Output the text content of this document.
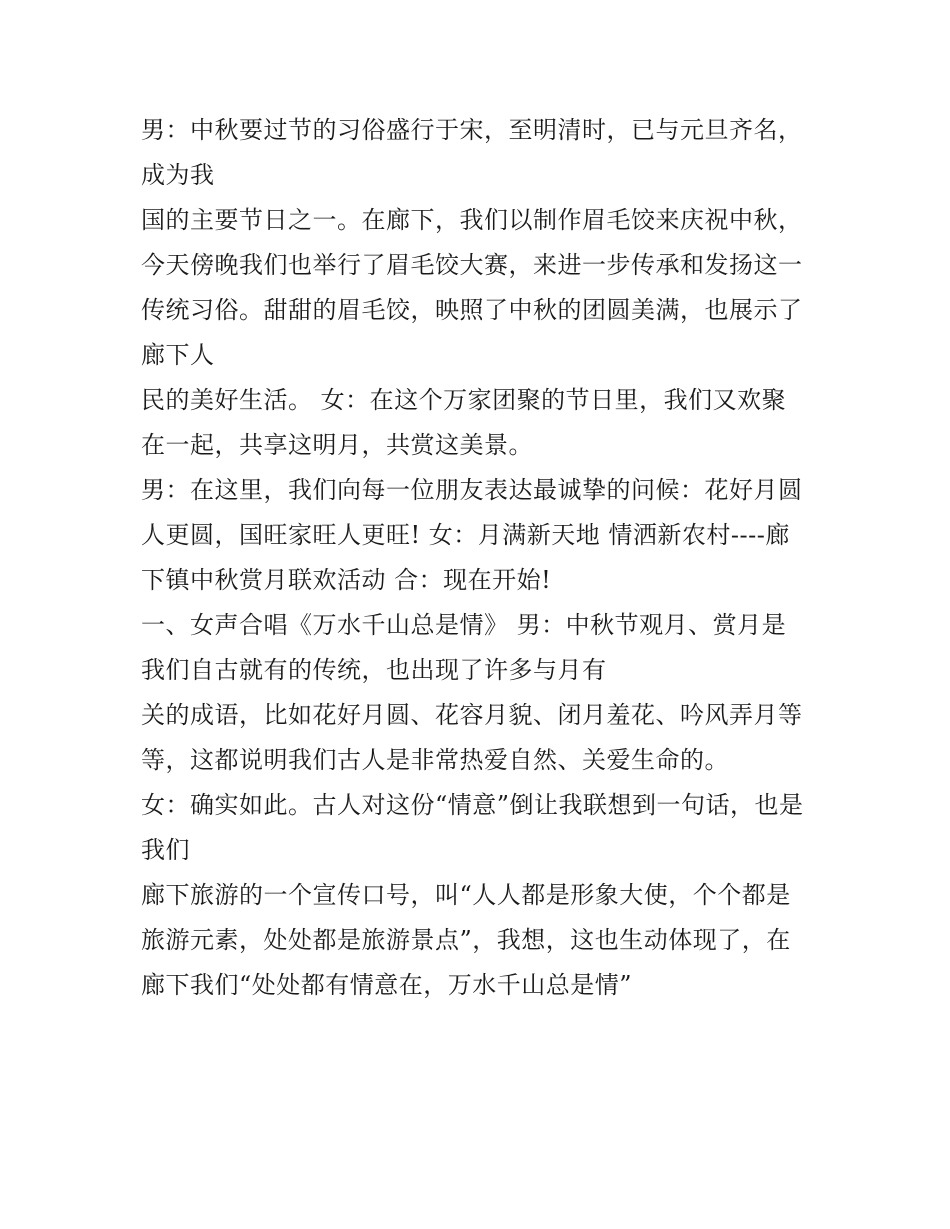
男：中秋要过节的习俗盛行于宋，至明清时，已与元旦齐名，
成为我
国的主要节日之一。在廊下，我们以制作眉毛饺来庆祝中秋，
今天傍晚我们也举行了眉毛饺大赛，来进一步传承和发扬这一
传统习俗。甜甜的眉毛饺，映照了中秋的团圆美满，也展示了
廊下人
民的美好生活。 女：在这个万家团聚的节日里，我们又欢聚
在一起，共享这明月，共赏这美景。
男：在这里，我们向每一位朋友表达最诚挚的问候：花好月圆
人更圆，国旺家旺人更旺! 女：月满新天地 情洒新农村----廊
下镇中秋赏月联欢活动 合：现在开始!
一、女声合唱《万水千山总是情》 男：中秋节观月、赏月是
我们自古就有的传统，也出现了许多与月有
关的成语，比如花好月圆、花容月貌、闭月羞花、吟风弄月等
等，这都说明我们古人是非常热爱自然、关爱生命的。
女：确实如此。古人对这份“情意”倒让我联想到一句话，也是
我们
廊下旅游的一个宣传口号，叫“人人都是形象大使，个个都是
旅游元素，处处都是旅游景点”，我想，这也生动体现了，在
廊下我们“处处都有情意在，万水千山总是情”
